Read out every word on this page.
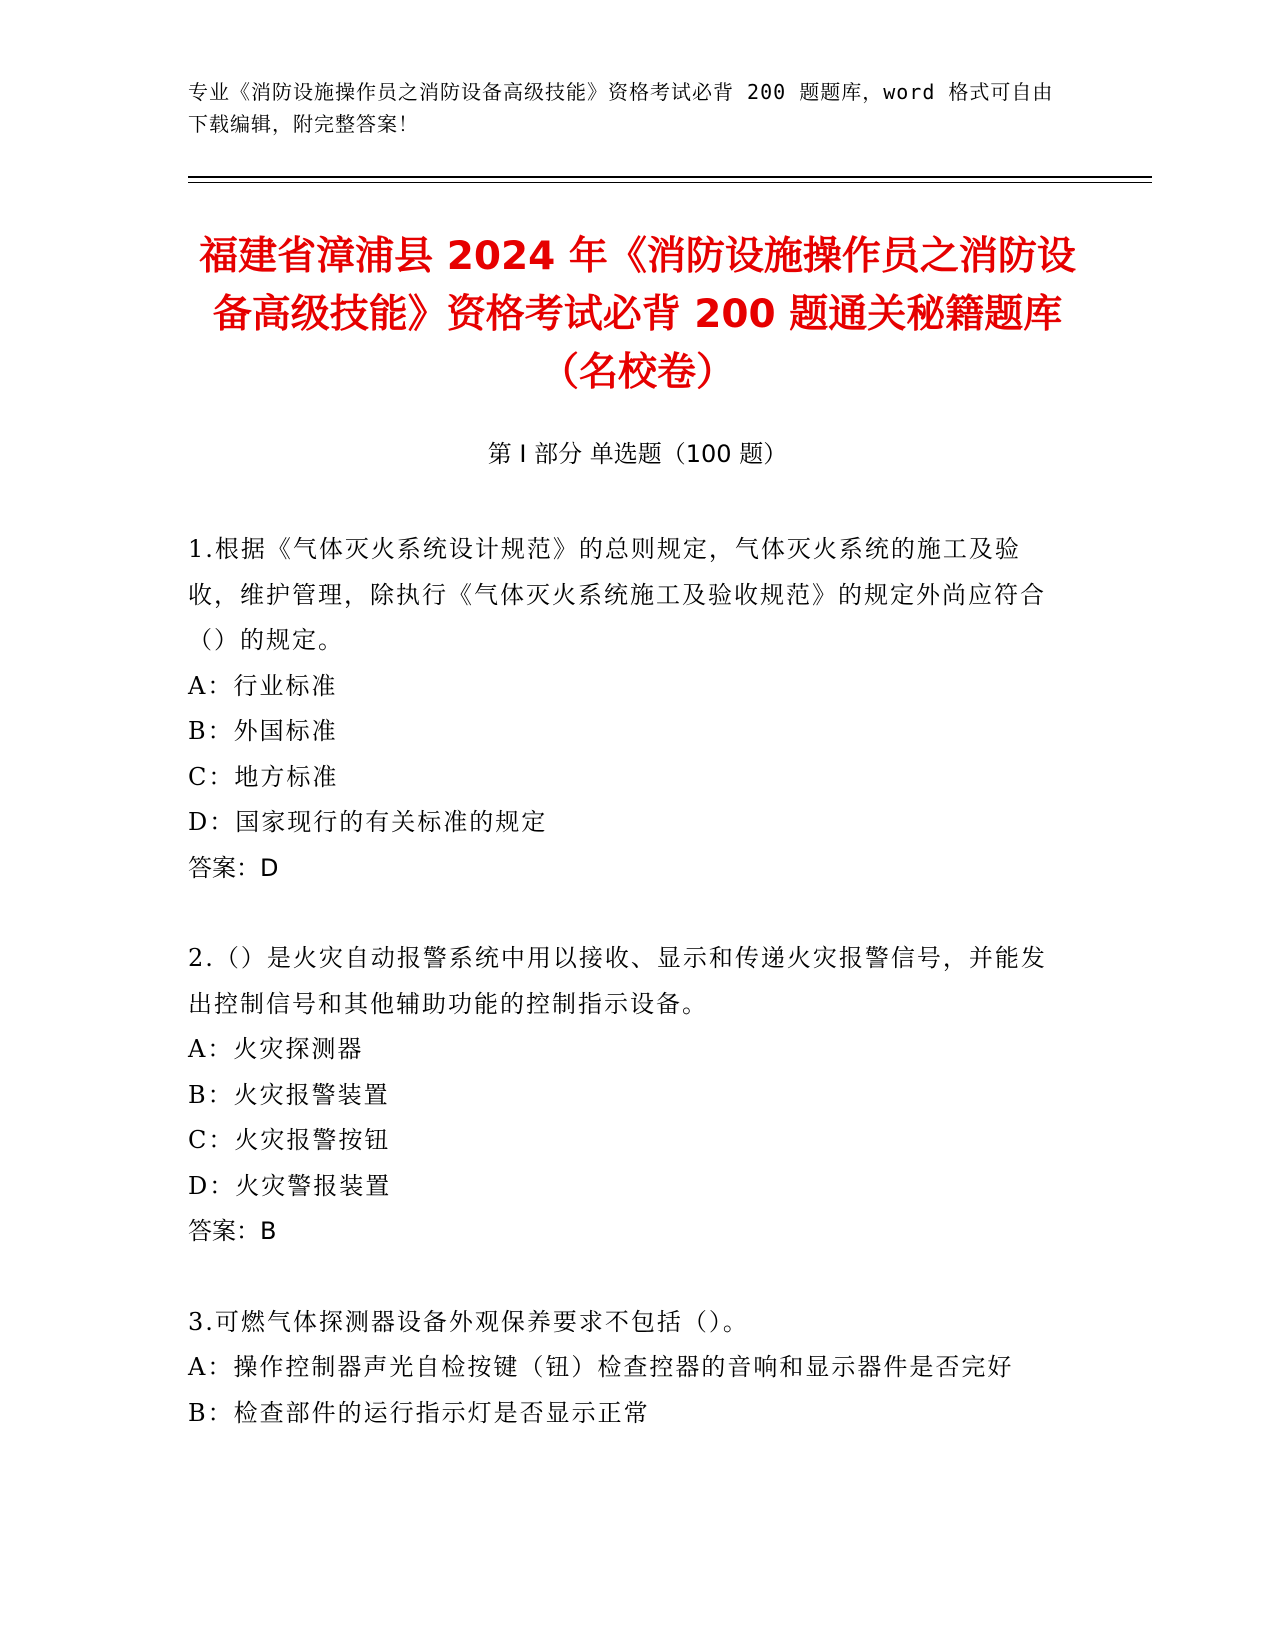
专业《消防设施操作员之消防设备高级技能》资格考试必背 200 题题库，word 格式可自由下载编辑，附完整答案！
福建省漳浦县 2024 年《消防设施操作员之消防设备高级技能》资格考试必背 200 题通关秘籍题库（名校卷）
第 I 部分 单选题（100 题）

1.根据《气体灭火系统设计规范》的总则规定，气体灭火系统的施工及验收，维护管理，除执行《气体灭火系统施工及验收规范》的规定外尚应符合（）的规定。

A：行业标准

B：外国标准

C：地方标准

D：国家现行的有关标准的规定

答案：D

2.（）是火灾自动报警系统中用以接收、显示和传递火灾报警信号，并能发出控制信号和其他辅助功能的控制指示设备。

A：火灾探测器

B：火灾报警装置

C：火灾报警按钮

D：火灾警报装置

答案：B

3.可燃气体探测器设备外观保养要求不包括（）。

A：操作控制器声光自检按键（钮）检查控器的音响和显示器件是否完好

B：检查部件的运行指示灯是否显示正常
